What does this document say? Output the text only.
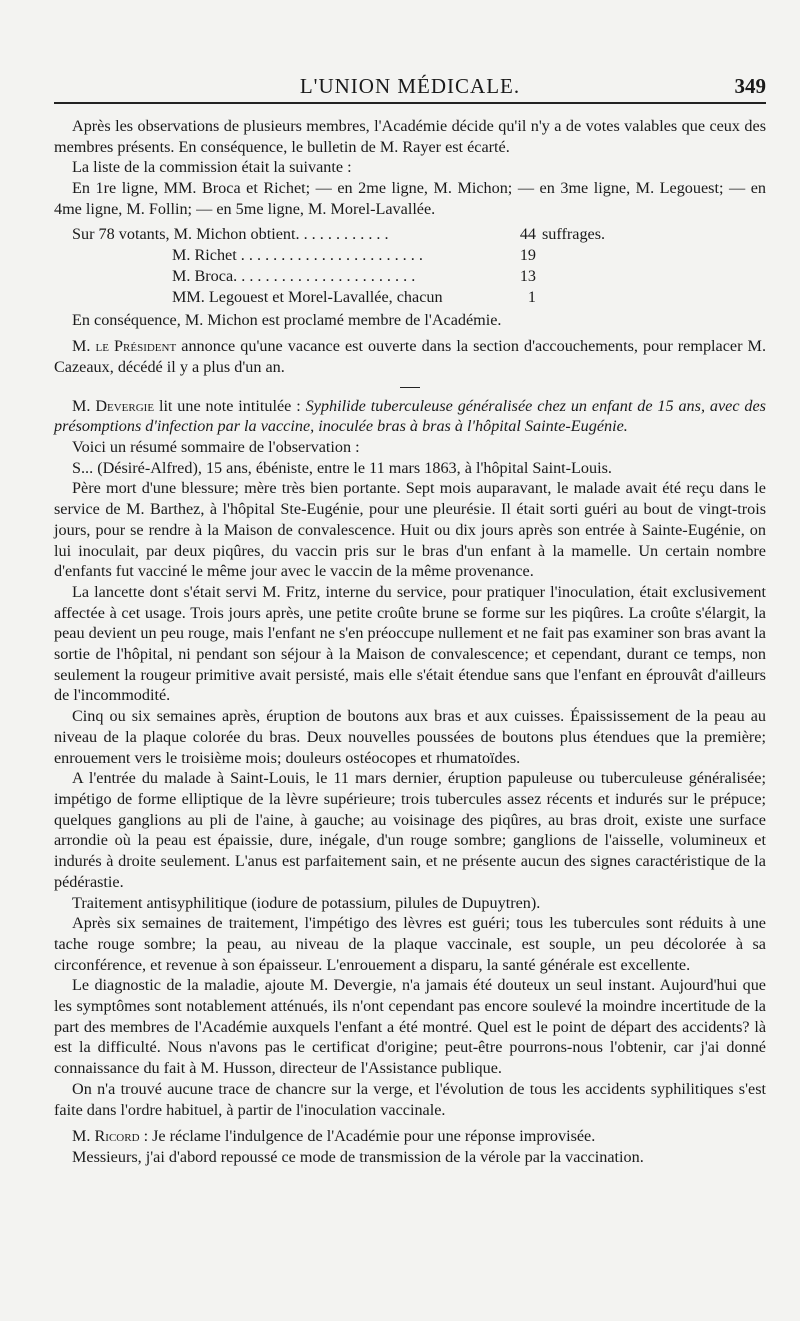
L'UNION MÉDICALE.	349

Après les observations de plusieurs membres, l'Académie décide qu'il n'y a de votes valables que ceux des membres présents. En conséquence, le bulletin de M. Rayer est écarté.

La liste de la commission était la suivante :

En 1re ligne, MM. Broca et Richet; — en 2me ligne, M. Michon; — en 3me ligne, M. Legouest; — en 4me ligne, M. Follin; — en 5me ligne, M. Morel-Lavallée.

Sur 78 votants, M. Michon obtient. . . . . . . . . . . .	44 suffrages.
M. Richet . . . . . . . . . . . . . . . . . . . . . . .	19
M. Broca. . . . . . . . . . . . . . . . . . . . . . .	13
MM. Legouest et Morel-Lavallée, chacun	1

En conséquence, M. Michon est proclamé membre de l'Académie.

M. le Président annonce qu'une vacance est ouverte dans la section d'accouchements, pour remplacer M. Cazeaux, décédé il y a plus d'un an.

M. Devergie lit une note intitulée : Syphilide tuberculeuse généralisée chez un enfant de 15 ans, avec des présomptions d'infection par la vaccine, inoculée bras à bras à l'hôpital Sainte-Eugénie.

Voici un résumé sommaire de l'observation :

S... (Désiré-Alfred), 15 ans, ébéniste, entre le 11 mars 1863, à l'hôpital Saint-Louis.

Père mort d'une blessure; mère très bien portante. Sept mois auparavant, le malade avait été reçu dans le service de M. Barthez, à l'hôpital Ste-Eugénie, pour une pleurésie. Il était sorti guéri au bout de vingt-trois jours, pour se rendre à la Maison de convalescence. Huit ou dix jours après son entrée à Sainte-Eugénie, on lui inoculait, par deux piqûres, du vaccin pris sur le bras d'un enfant à la mamelle. Un certain nombre d'enfants fut vacciné le même jour avec le vaccin de la même provenance.

La lancette dont s'était servi M. Fritz, interne du service, pour pratiquer l'inoculation, était exclusivement affectée à cet usage. Trois jours après, une petite croûte brune se forme sur les piqûres. La croûte s'élargit, la peau devient un peu rouge, mais l'enfant ne s'en préoccupe nullement et ne fait pas examiner son bras avant la sortie de l'hôpital, ni pendant son séjour à la Maison de convalescence; et cependant, durant ce temps, non seulement la rougeur primitive avait persisté, mais elle s'était étendue sans que l'enfant en éprouvât d'ailleurs de l'incommodité.

Cinq ou six semaines après, éruption de boutons aux bras et aux cuisses. Épaississement de la peau au niveau de la plaque colorée du bras. Deux nouvelles poussées de boutons plus étendues que la première; enrouement vers le troisième mois; douleurs ostéocopes et rhumatoïdes.

A l'entrée du malade à Saint-Louis, le 11 mars dernier, éruption papuleuse ou tuberculeuse généralisée; impétigo de forme elliptique de la lèvre supérieure; trois tubercules assez récents et indurés sur le prépuce; quelques ganglions au pli de l'aine, à gauche; au voisinage des piqûres, au bras droit, existe une surface arrondie où la peau est épaissie, dure, inégale, d'un rouge sombre; ganglions de l'aisselle, volumineux et indurés à droite seulement. L'anus est parfaitement sain, et ne présente aucun des signes caractéristique de la pédérastie.

Traitement antisyphilitique (iodure de potassium, pilules de Dupuytren).

Après six semaines de traitement, l'impétigo des lèvres est guéri; tous les tubercules sont réduits à une tache rouge sombre; la peau, au niveau de la plaque vaccinale, est souple, un peu décolorée à sa circonférence, et revenue à son épaisseur. L'enrouement a disparu, la santé générale est excellente.

Le diagnostic de la maladie, ajoute M. Devergie, n'a jamais été douteux un seul instant. Aujourd'hui que les symptômes sont notablement atténués, ils n'ont cependant pas encore soulevé la moindre incertitude de la part des membres de l'Académie auxquels l'enfant a été montré. Quel est le point de départ des accidents? là est la difficulté. Nous n'avons pas le certificat d'origine; peut-être pourrons-nous l'obtenir, car j'ai donné connaissance du fait à M. Husson, directeur de l'Assistance publique.

On n'a trouvé aucune trace de chancre sur la verge, et l'évolution de tous les accidents syphilitiques s'est faite dans l'ordre habituel, à partir de l'inoculation vaccinale.

M. Ricord : Je réclame l'indulgence de l'Académie pour une réponse improvisée.

Messieurs, j'ai d'abord repoussé ce mode de transmission de la vérole par la vaccination.
